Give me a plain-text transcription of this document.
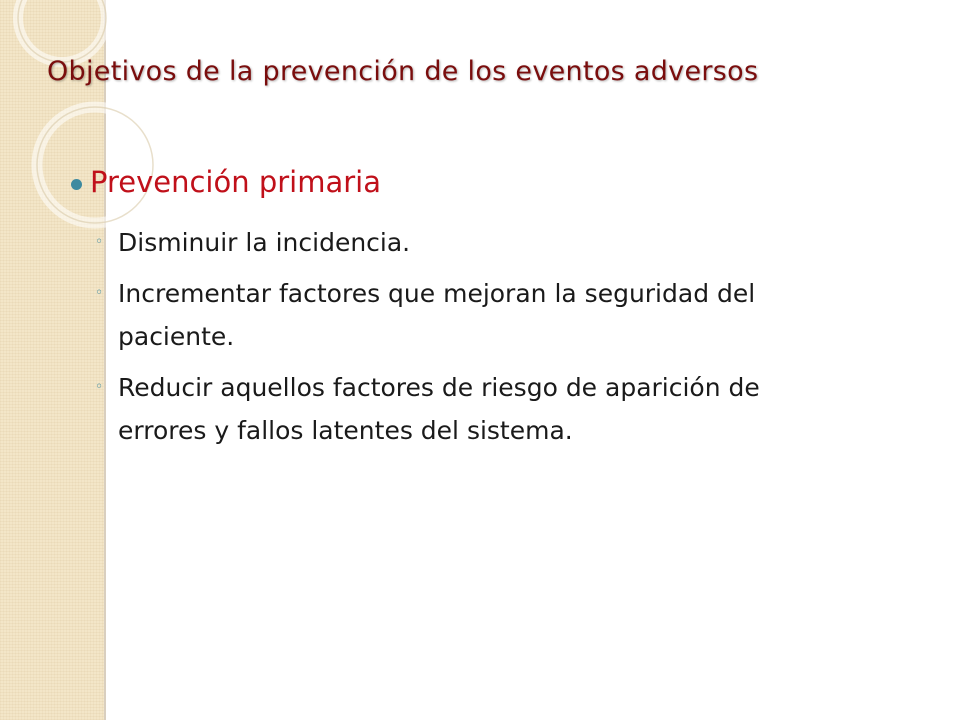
Objetivos de la prevención de los eventos adversos
Prevención primaria
◦ Disminuir la incidencia.
◦ Incrementar factores que mejoran la seguridad del paciente.
◦ Reducir aquellos factores de riesgo de aparición de errores y fallos latentes del sistema.
